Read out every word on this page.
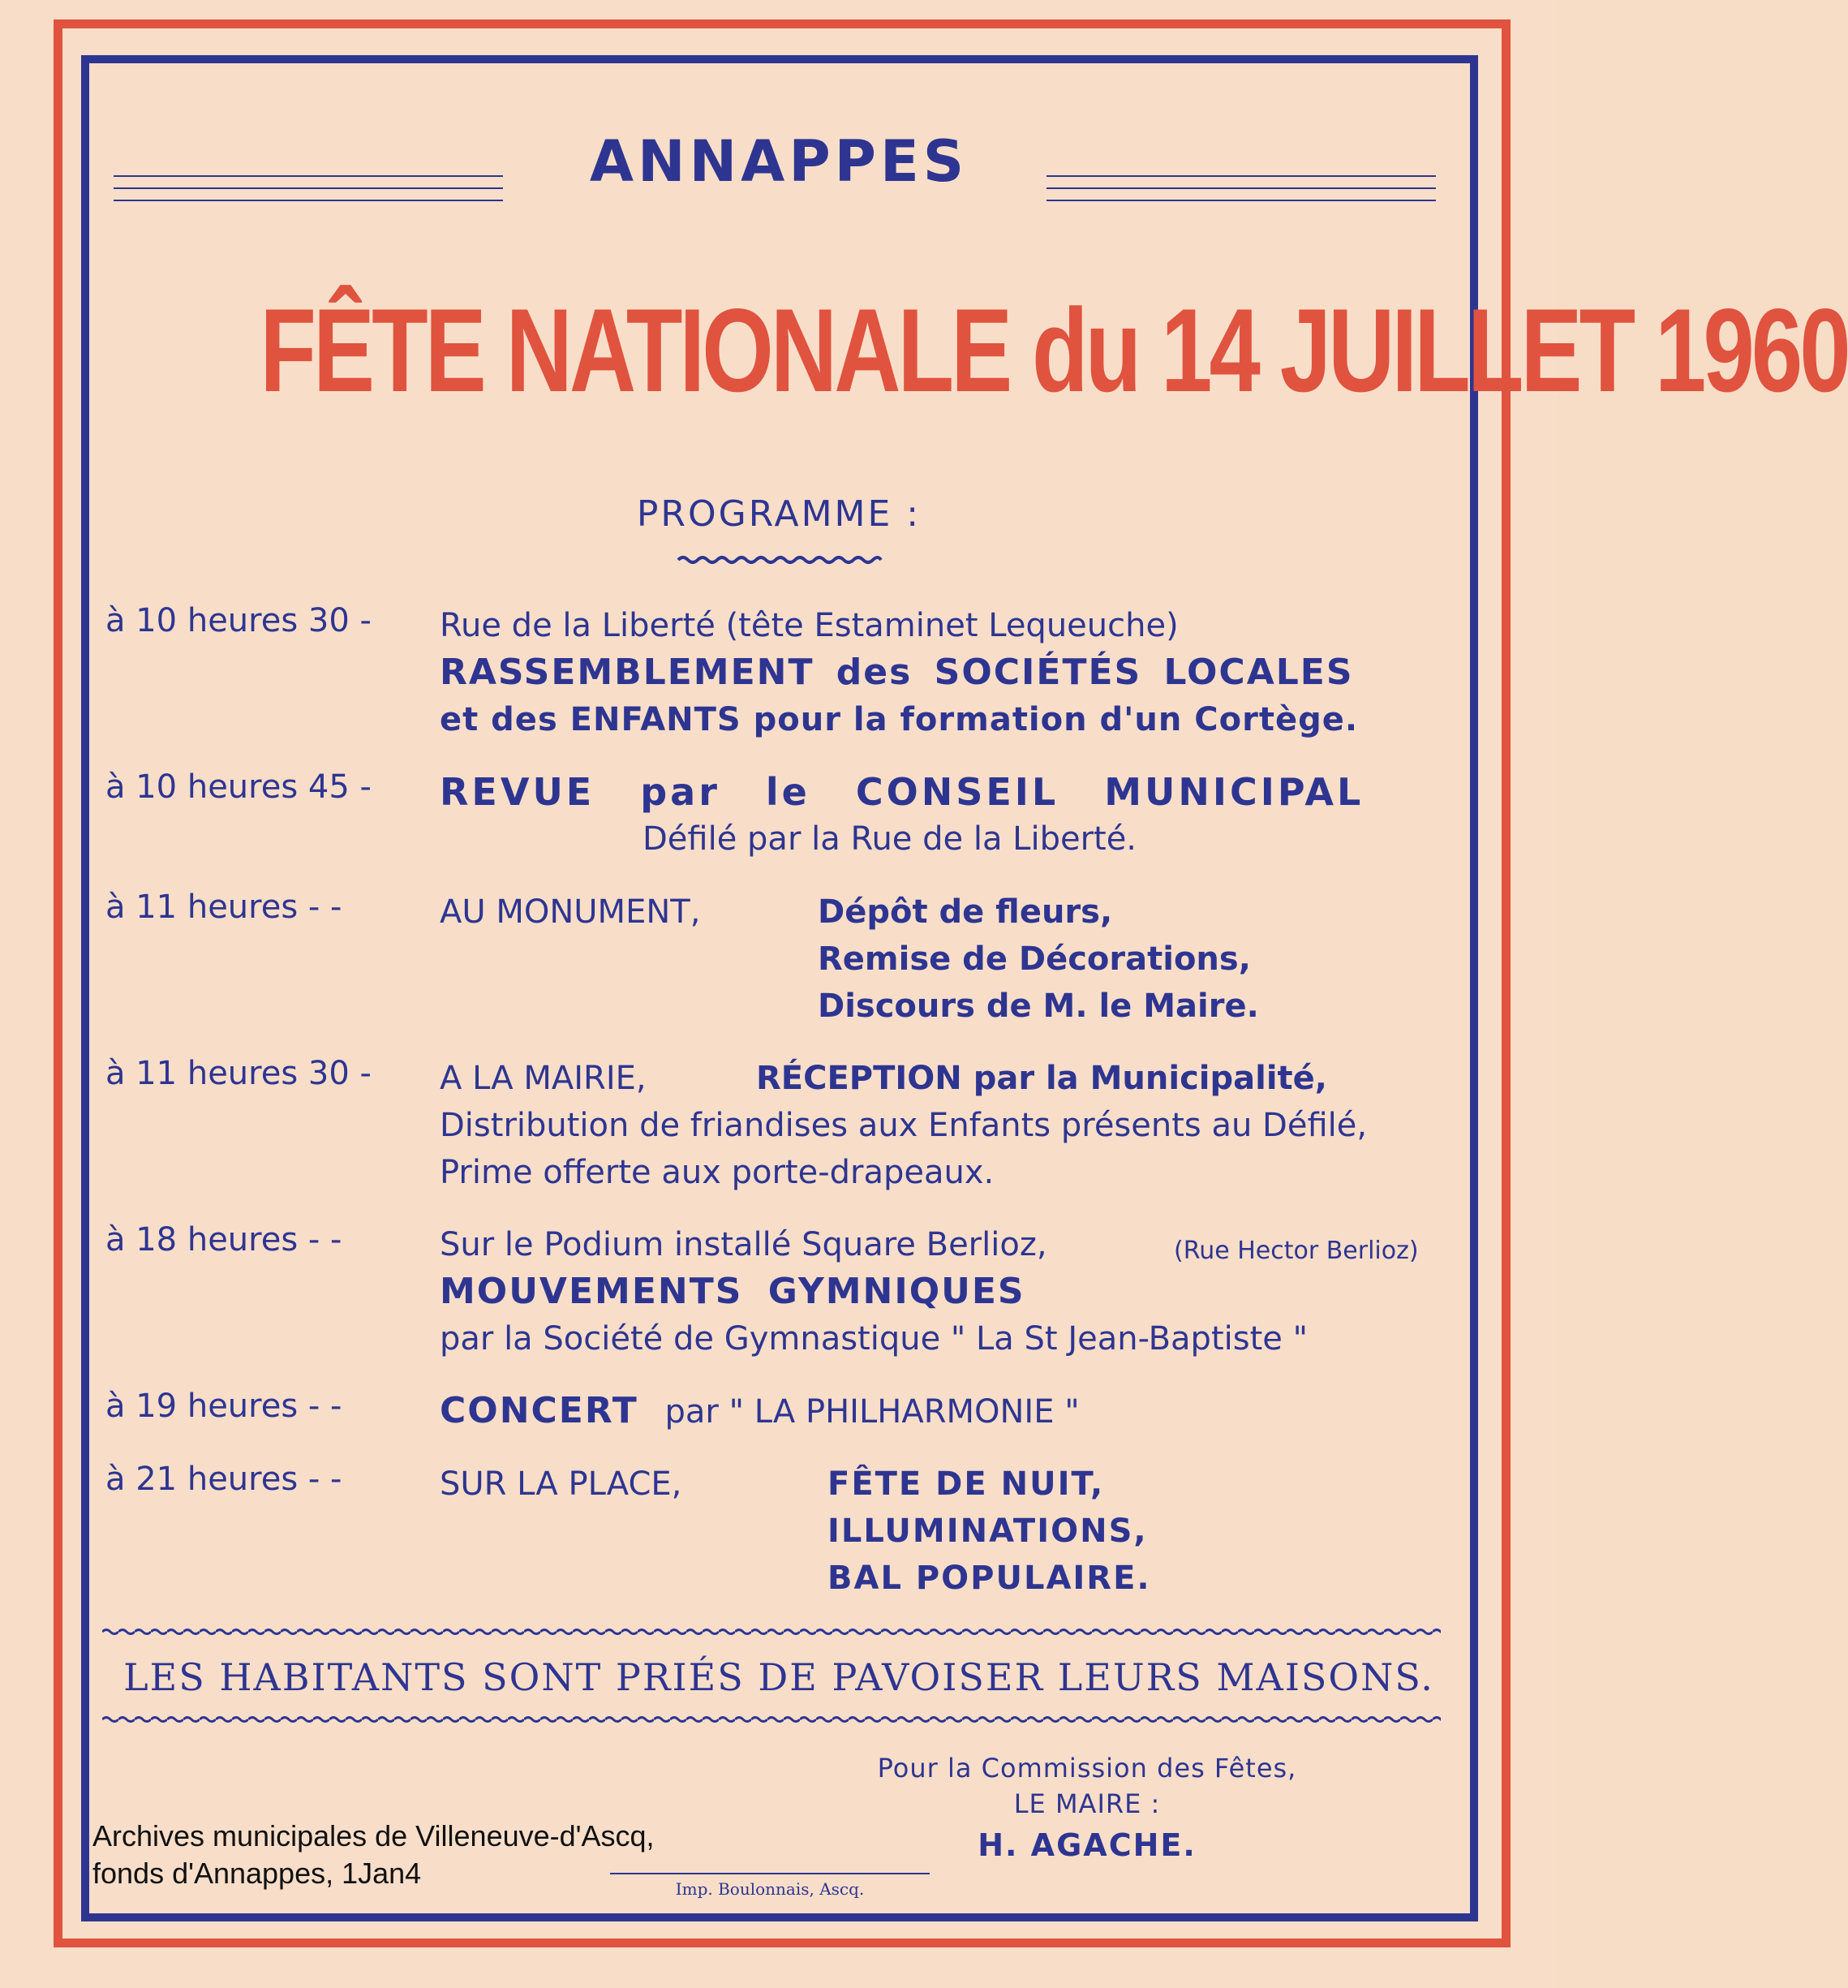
ANNAPPES
FÊTE NATIONALE du 14 JUILLET 1960
PROGRAMME :
à 10 heures 30 -	Rue de la Liberté (tête Estaminet Lequeuche)
RASSEMBLEMENT des SOCIÉTÉS LOCALES
et des ENFANTS pour la formation d'un Cortège.
à 10 heures 45 -	REVUE par le CONSEIL MUNICIPAL
Défilé par la Rue de la Liberté.
à 11 heures - -	AU MONUMENT,	Dépôt de fleurs,
Remise de Décorations,
Discours de M. le Maire.
à 11 heures 30 -	A LA MAIRIE,	RÉCEPTION par la Municipalité,
Distribution de friandises aux Enfants présents au Défilé,
Prime offerte aux porte-drapeaux.
à 18 heures - -	Sur le Podium installé Square Berlioz,	(Rue Hector Berlioz)
MOUVEMENTS GYMNIQUES
par la Société de Gymnastique " La St Jean-Baptiste "
à 19 heures - -	CONCERT par " LA PHILHARMONIE "
à 21 heures - -	SUR LA PLACE,	FÊTE DE NUIT,
ILLUMINATIONS,
BAL POPULAIRE.
LES HABITANTS SONT PRIÉS DE PAVOISER LEURS MAISONS.
Pour la Commission des Fêtes,
LE MAIRE :
H. AGACHE.
Imp. Boulonnais, Ascq.
Archives municipales de Villeneuve-d'Ascq,
fonds d'Annappes, 1Jan4
